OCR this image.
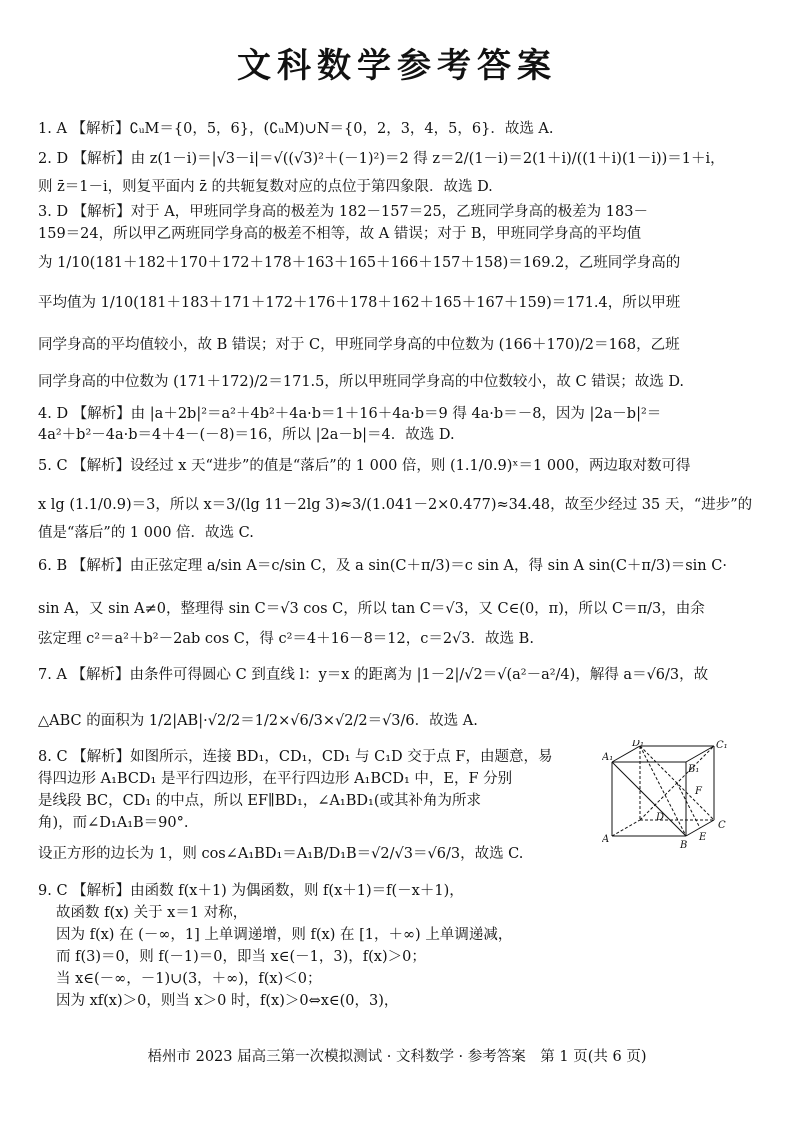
文科数学参考答案
1. A 【解析】∁ᵤM＝{0，5，6}，(∁ᵤM)∪N＝{0，2，3，4，5，6}．故选 A.
2. D 【解析】由 z(1－i)＝|√3－i|＝√((√3)²＋(－1)²)＝2 得 z＝2/(1－i)＝2(1＋i)/((1＋i)(1－i))＝1＋i，
则 z̄＝1－i，则复平面内 z̄ 的共轭复数对应的点位于第四象限．故选 D.
3. D 【解析】对于 A，甲班同学身高的极差为 182－157＝25，乙班同学身高的极差为 183－
159＝24，所以甲乙两班同学身高的极差不相等，故 A 错误；对于 B，甲班同学身高的平均值
为 1/10(181＋182＋170＋172＋178＋163＋165＋166＋157＋158)＝169.2，乙班同学身高的
平均值为 1/10(181＋183＋171＋172＋176＋178＋162＋165＋167＋159)＝171.4，所以甲班
同学身高的平均值较小，故 B 错误；对于 C，甲班同学身高的中位数为 (166＋170)/2＝168，乙班
同学身高的中位数为 (171＋172)/2＝171.5，所以甲班同学身高的中位数较小，故 C 错误；故选 D.
4. D 【解析】由 |a＋2b|²＝a²＋4b²＋4a·b＝1＋16＋4a·b＝9 得 4a·b＝－8，因为 |2a－b|²＝
4a²＋b²－4a·b＝4＋4－(－8)＝16，所以 |2a－b|＝4．故选 D.
5. C 【解析】设经过 x 天“进步”的值是“落后”的 1 000 倍，则 (1.1/0.9)ˣ＝1 000，两边取对数可得
x lg (1.1/0.9)＝3，所以 x＝3/(lg 11－2lg 3)≈3/(1.041－2×0.477)≈34.48，故至少经过 35 天，“进步”的
值是“落后”的 1 000 倍．故选 C.
6. B 【解析】由正弦定理 a/sin A＝c/sin C，及 a sin(C＋π/3)＝c sin A，得 sin A sin(C＋π/3)＝sin C·
sin A，又 sin A≠0，整理得 sin C＝√3 cos C，所以 tan C＝√3，又 C∈(0，π)，所以 C＝π/3，由余
弦定理 c²＝a²＋b²－2ab cos C，得 c²＝4＋16－8＝12，c＝2√3．故选 B.
7. A 【解析】由条件可得圆心 C 到直线 l：y＝x 的距离为 |1－2|/√2＝√(a²－a²/4)，解得 a＝√6/3，故
△ABC 的面积为 1/2|AB|·√2/2＝1/2×√6/3×√2/2＝√3/6．故选 A.
8. C 【解析】如图所示，连接 BD₁，CD₁，CD₁ 与 C₁D 交于点 F，由题意，易
得四边形 A₁BCD₁ 是平行四边形，在平行四边形 A₁BCD₁ 中，E，F 分别
是线段 BC，CD₁ 的中点，所以 EF∥BD₁，∠A₁BD₁(或其补角为所求
角)，而∠D₁A₁B＝90°.
设正方形的边长为 1，则 cos∠A₁BD₁＝A₁B/D₁B＝√2/√3＝√6/3，故选 C.
9. C 【解析】由函数 f(x＋1) 为偶函数，则 f(x＋1)＝f(－x＋1)，
故函数 f(x) 关于 x＝1 对称，
因为 f(x) 在 (－∞，1] 上单调递增，则 f(x) 在 [1，＋∞) 上单调递减，
而 f(3)＝0，则 f(－1)＝0，即当 x∈(－1，3)，f(x)＞0；
当 x∈(－∞，－1)∪(3，＋∞)，f(x)＜0；
因为 xf(x)＞0，则当 x＞0 时，f(x)＞0⇔x∈(0，3)，
A₁
D₁	C₁
B₁
F
D
A
B
E
C
梧州市 2023 届高三第一次模拟测试 · 文科数学 · 参考答案　第 1 页(共 6 页)
